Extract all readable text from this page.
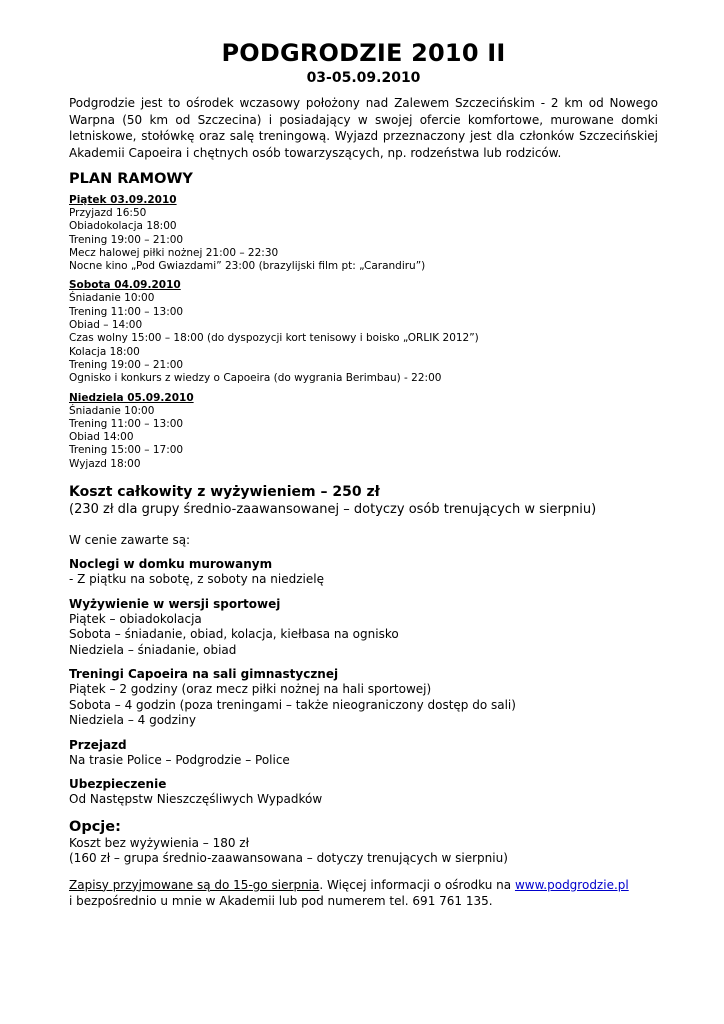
PODGRODZIE 2010 II
03-05.09.2010
Podgrodzie jest to ośrodek wczasowy położony nad Zalewem Szczecińskim - 2 km od Nowego Warpna (50 km od Szczecina) i posiadający w swojej ofercie komfortowe, murowane domki letniskowe, stołówkę oraz salę treningową. Wyjazd przeznaczony jest dla członków Szczecińskiej Akademii Capoeira i chętnych osób towarzyszących, np. rodzeństwa lub rodziców.
PLAN RAMOWY
Piątek 03.09.2010
Przyjazd 16:50
Obiadokolacja 18:00
Trening 19:00 – 21:00
Mecz halowej piłki nożnej 21:00 – 22:30
Nocne kino „Pod Gwiazdami” 23:00 (brazylijski film pt: „Carandiru”)
Sobota 04.09.2010
Śniadanie 10:00
Trening 11:00 – 13:00
Obiad – 14:00
Czas wolny 15:00 – 18:00 (do dyspozycji kort tenisowy i boisko „ORLIK 2012”)
Kolacja 18:00
Trening 19:00 – 21:00
Ognisko i konkurs z wiedzy o Capoeira (do wygrania Berimbau) - 22:00
Niedziela 05.09.2010
Śniadanie 10:00
Trening 11:00 – 13:00
Obiad 14:00
Trening 15:00 – 17:00
Wyjazd 18:00
Koszt całkowity z wyżywieniem – 250 zł
(230 zł dla grupy średnio-zaawansowanej – dotyczy osób trenujących w sierpniu)
W cenie zawarte są:
Noclegi w domku murowanym
- Z piątku na sobotę, z soboty na niedzielę
Wyżywienie w wersji sportowej
Piątek – obiadokolacja
Sobota – śniadanie, obiad, kolacja, kiełbasa na ognisko
Niedziela – śniadanie, obiad
Treningi Capoeira na sali gimnastycznej
Piątek – 2 godziny (oraz mecz piłki nożnej na hali sportowej)
Sobota – 4 godzin (poza treningami – także nieograniczony dostęp do sali)
Niedziela – 4 godziny
Przejazd
Na trasie Police – Podgrodzie – Police
Ubezpieczenie
Od Następstw Nieszczęśliwych Wypadków
Opcje:
Koszt bez wyżywienia – 180 zł
(160 zł – grupa średnio-zaawansowana – dotyczy trenujących w sierpniu)
Zapisy przyjmowane są do 15-go sierpnia. Więcej informacji o ośrodku na www.podgrodzie.pl
i bezpośrednio u mnie w Akademii lub pod numerem tel. 691 761 135.
